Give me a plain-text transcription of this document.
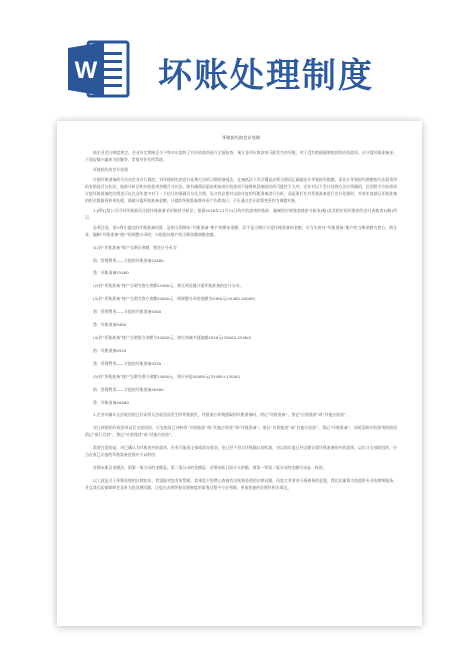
W 坏账处理制度

坏账损失的会计处理

按企业会计制度规定，企业应定期或至少于每年年度终了对应收款项进行全面检查，预计各项应收款项可能发生的坏账，对于没有把握能够收回的应收款项，应计提坏账准备金。下面店铺小编来为你解答，希望对你有所帮助。

坏账损失的会计处理

计提坏账准备的方法由企业自行确定，对坏账损失的会计处理方法的习惯用备抵法，在备抵法下其关键是必须合理而正确地估计坏账损失数额，而估计坏账损失数额的方法最常用的有销货百分比法、账龄分析法和应收款项余额百分比法。除有确凿证据表明该项应收款项不能够收回或收回的可能性不大外，企业对以下会计处理方法应明确的，区别给予应收款项计提坏账准备的比例也可以在各年度中对于一个估计的准确百分比合理，而又有必要对以前年度的坏账准备进行分析，而是事后在对坏账准备进行会计处理时，对本年度减记坏账准备的相关数据资料来处理，调减计提坏账准备金额，计提的坏账准备除外资产负债表日，不应通过会计政策变更作为调整对象。

1.[例1]某公司可对坏账损失计提坏账准备采用账龄分析法，根据2018年12月31日的应收款项的账龄，编制的应收账款账龄分析表(略)及其相应的坏账损失估计表如表1(略)所示：

必须注意，借1例计提法的坏账准备结算，是指当期期末“坏账准备”账户的期末余额，而不是当期应计提坏账准备的金额，应当先核对“坏账准备”账户的当期余额为贷方，则企业，编制“坏账准备”账户的调整分录时，应根据该账户的当期余额调整金额。

(1)若“坏账准备”账户当期无余额，则会计分录为：

借：管理费用——计提的坏账准备25480

贷：坏账准备25480

(2)若“坏账准备”账户当期为贷方余额25480元，则无须再做计提坏账准备的会计分录。

(3)若“坏账准备”账户当期为贷方余额20000元，则调整分录的金额为5480元(25480-20000)

借：管理费用——计提的坏账准备5480

贷：坏账准备5480

(4)若“坏账准备”账户当期贷方余额为30000元，则应冲减多提取额4520元(30000-25480)

借：坏账准备4520

贷：管理费用——计提的坏账准备4520

(5)若“坏账准备”账户当期为借方余额15000元，则应补提40480元(25480+15000)

借：管理费用——计提的坏账准备40480

贷：坏账准备40480

2.企业对确实无法收回的已经证明无法收回而发生的坏账损失，经批准应冲销提取的坏账准备时，借记“坏账准备”，贷记“应收账款”或“其他应收款”。

对已转销的应收款项以后又收回的，应先恢复已冲转的“应收账款”或“其他应收款”和“坏账准备”，借记“应收账款”或“其他应收款”，贷记“坏账准备”，同时反映应收款项的收回借记“银行存款”，贷记“应收账款”或“其他应收款”。

需要注意的是，对已确认为坏账的应收款项，仍有可能再全部或部分收回，但已经不符合坏账确认的标准，对以前年度已经全额计提坏账准备的应收款项，以后又全部收回的，应当在原已计提的坏账准备范围内予以转回。

首期末账目余额法，则第一笔分录的金额是，第二笔分录的金额是；若期末账目部分无余额，则第一和第二笔分录的金额应该是一致的。

以上就是关于坏账处理的法律知识，希望能对您有所帮助。如果您不想费心查询有关账务处理的法律问题，而您又有要求开展债务的意愿，我们店铺将为您提供专业的律师服务，并且我们店铺律师会及时为您处理问题，让您在办理坏账处理制度的事务过程中少走弯路，更加快速的处理好相关事宜。
